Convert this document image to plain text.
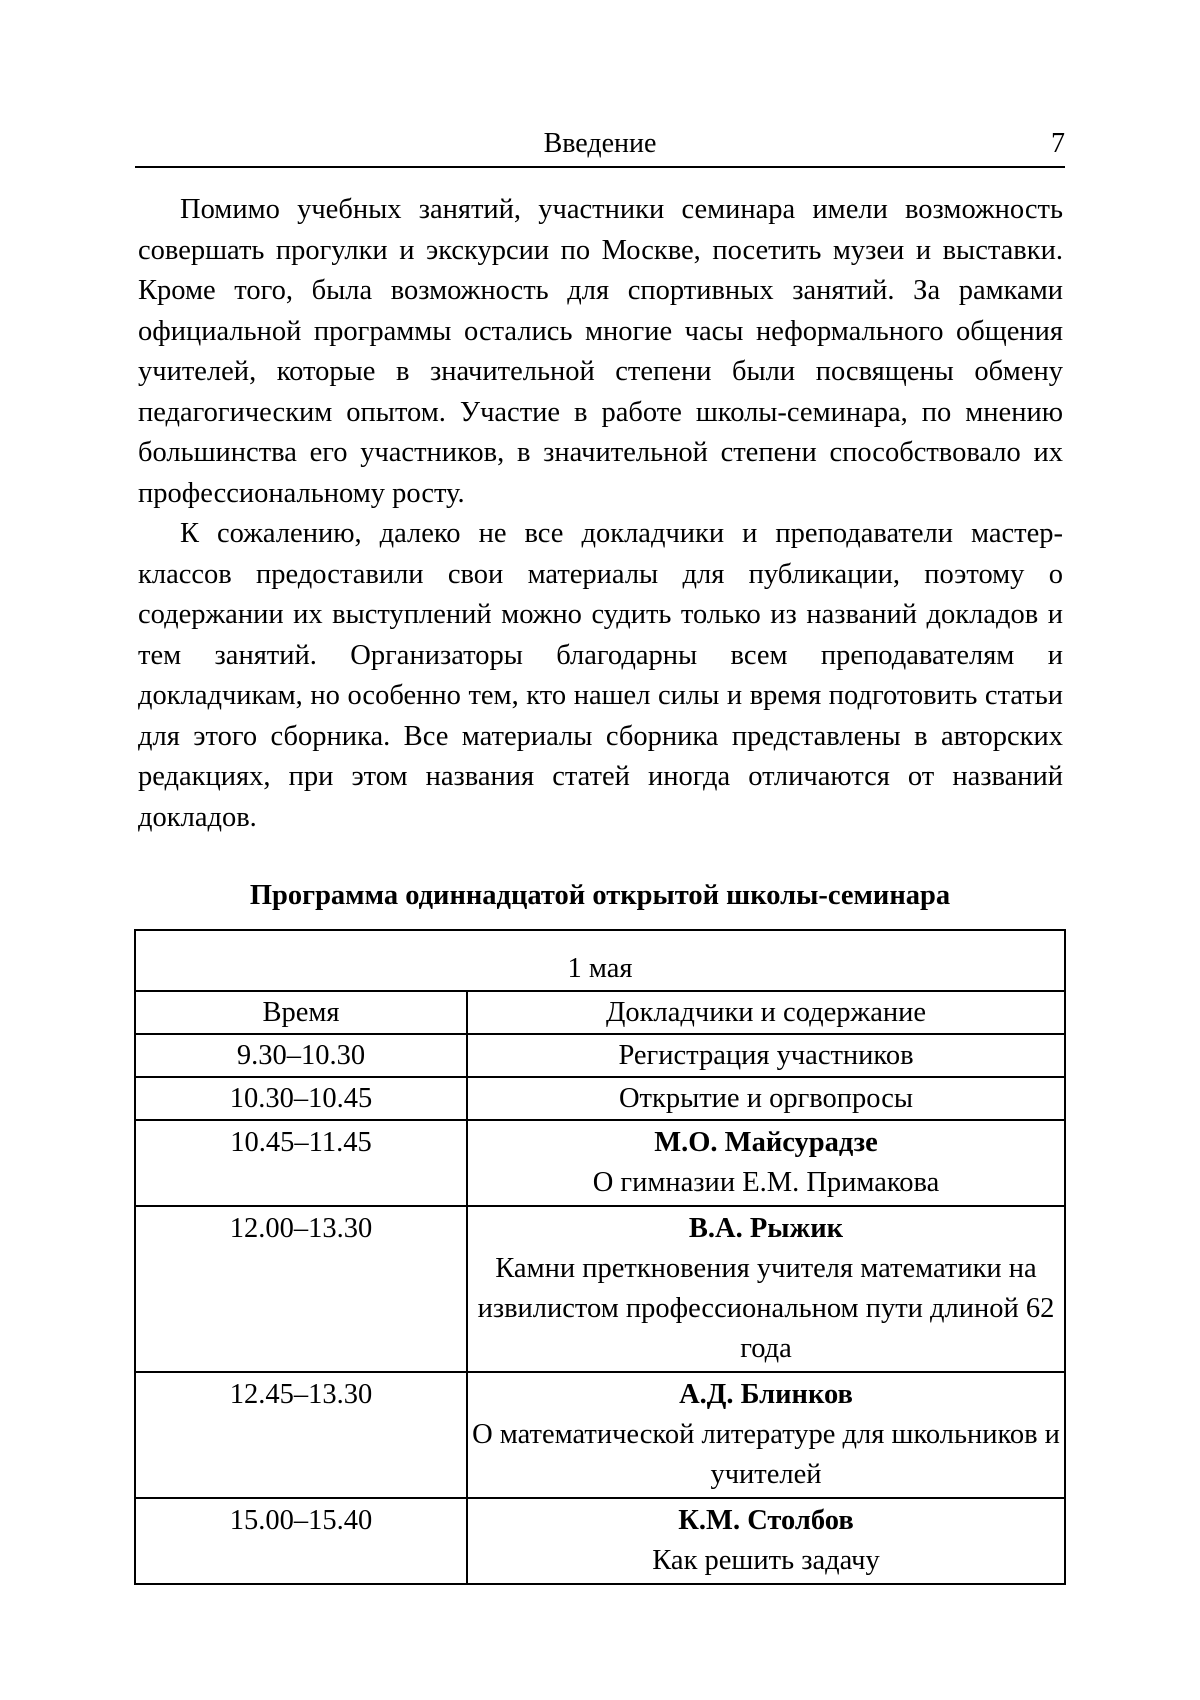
Введение	7

Помимо учебных занятий, участники семинара имели возможность совершать прогулки и экскурсии по Москве, посетить музеи и выставки. Кроме того, была возможность для спортивных занятий. За рамками официальной программы остались многие часы неформального общения учителей, которые в значительной степени были посвящены обмену педагогическим опытом. Участие в работе школы-семинара, по мнению большинства его участников, в значительной степени способствовало их профессиональному росту.

К сожалению, далеко не все докладчики и преподаватели мастер-классов предоставили свои материалы для публикации, поэтому о содержании их выступлений можно судить только из названий докладов и тем занятий. Организаторы благодарны всем преподавателям и докладчикам, но особенно тем, кто нашел силы и время подготовить статьи для этого сборника. Все материалы сборника представлены в авторских редакциях, при этом названия статей иногда отличаются от названий докладов.

Программа одиннадцатой открытой школы-семинара
1 мая
Время	Докладчики и содержание
9.30–10.30	Регистрация участников
10.30–10.45	Открытие и оргвопросы
10.45–11.45	М.О. Майсурадзе
О гимназии Е.М. Примакова

12.00–13.30	В.А. Рыжик
Камни преткновения учителя математики на извилистом профессиональном пути длиной 62 года

12.45–13.30	А.Д. Блинков
О математической литературе для школьников и учителей

15.00–15.40	К.М. Столбов
Как решить задачу
